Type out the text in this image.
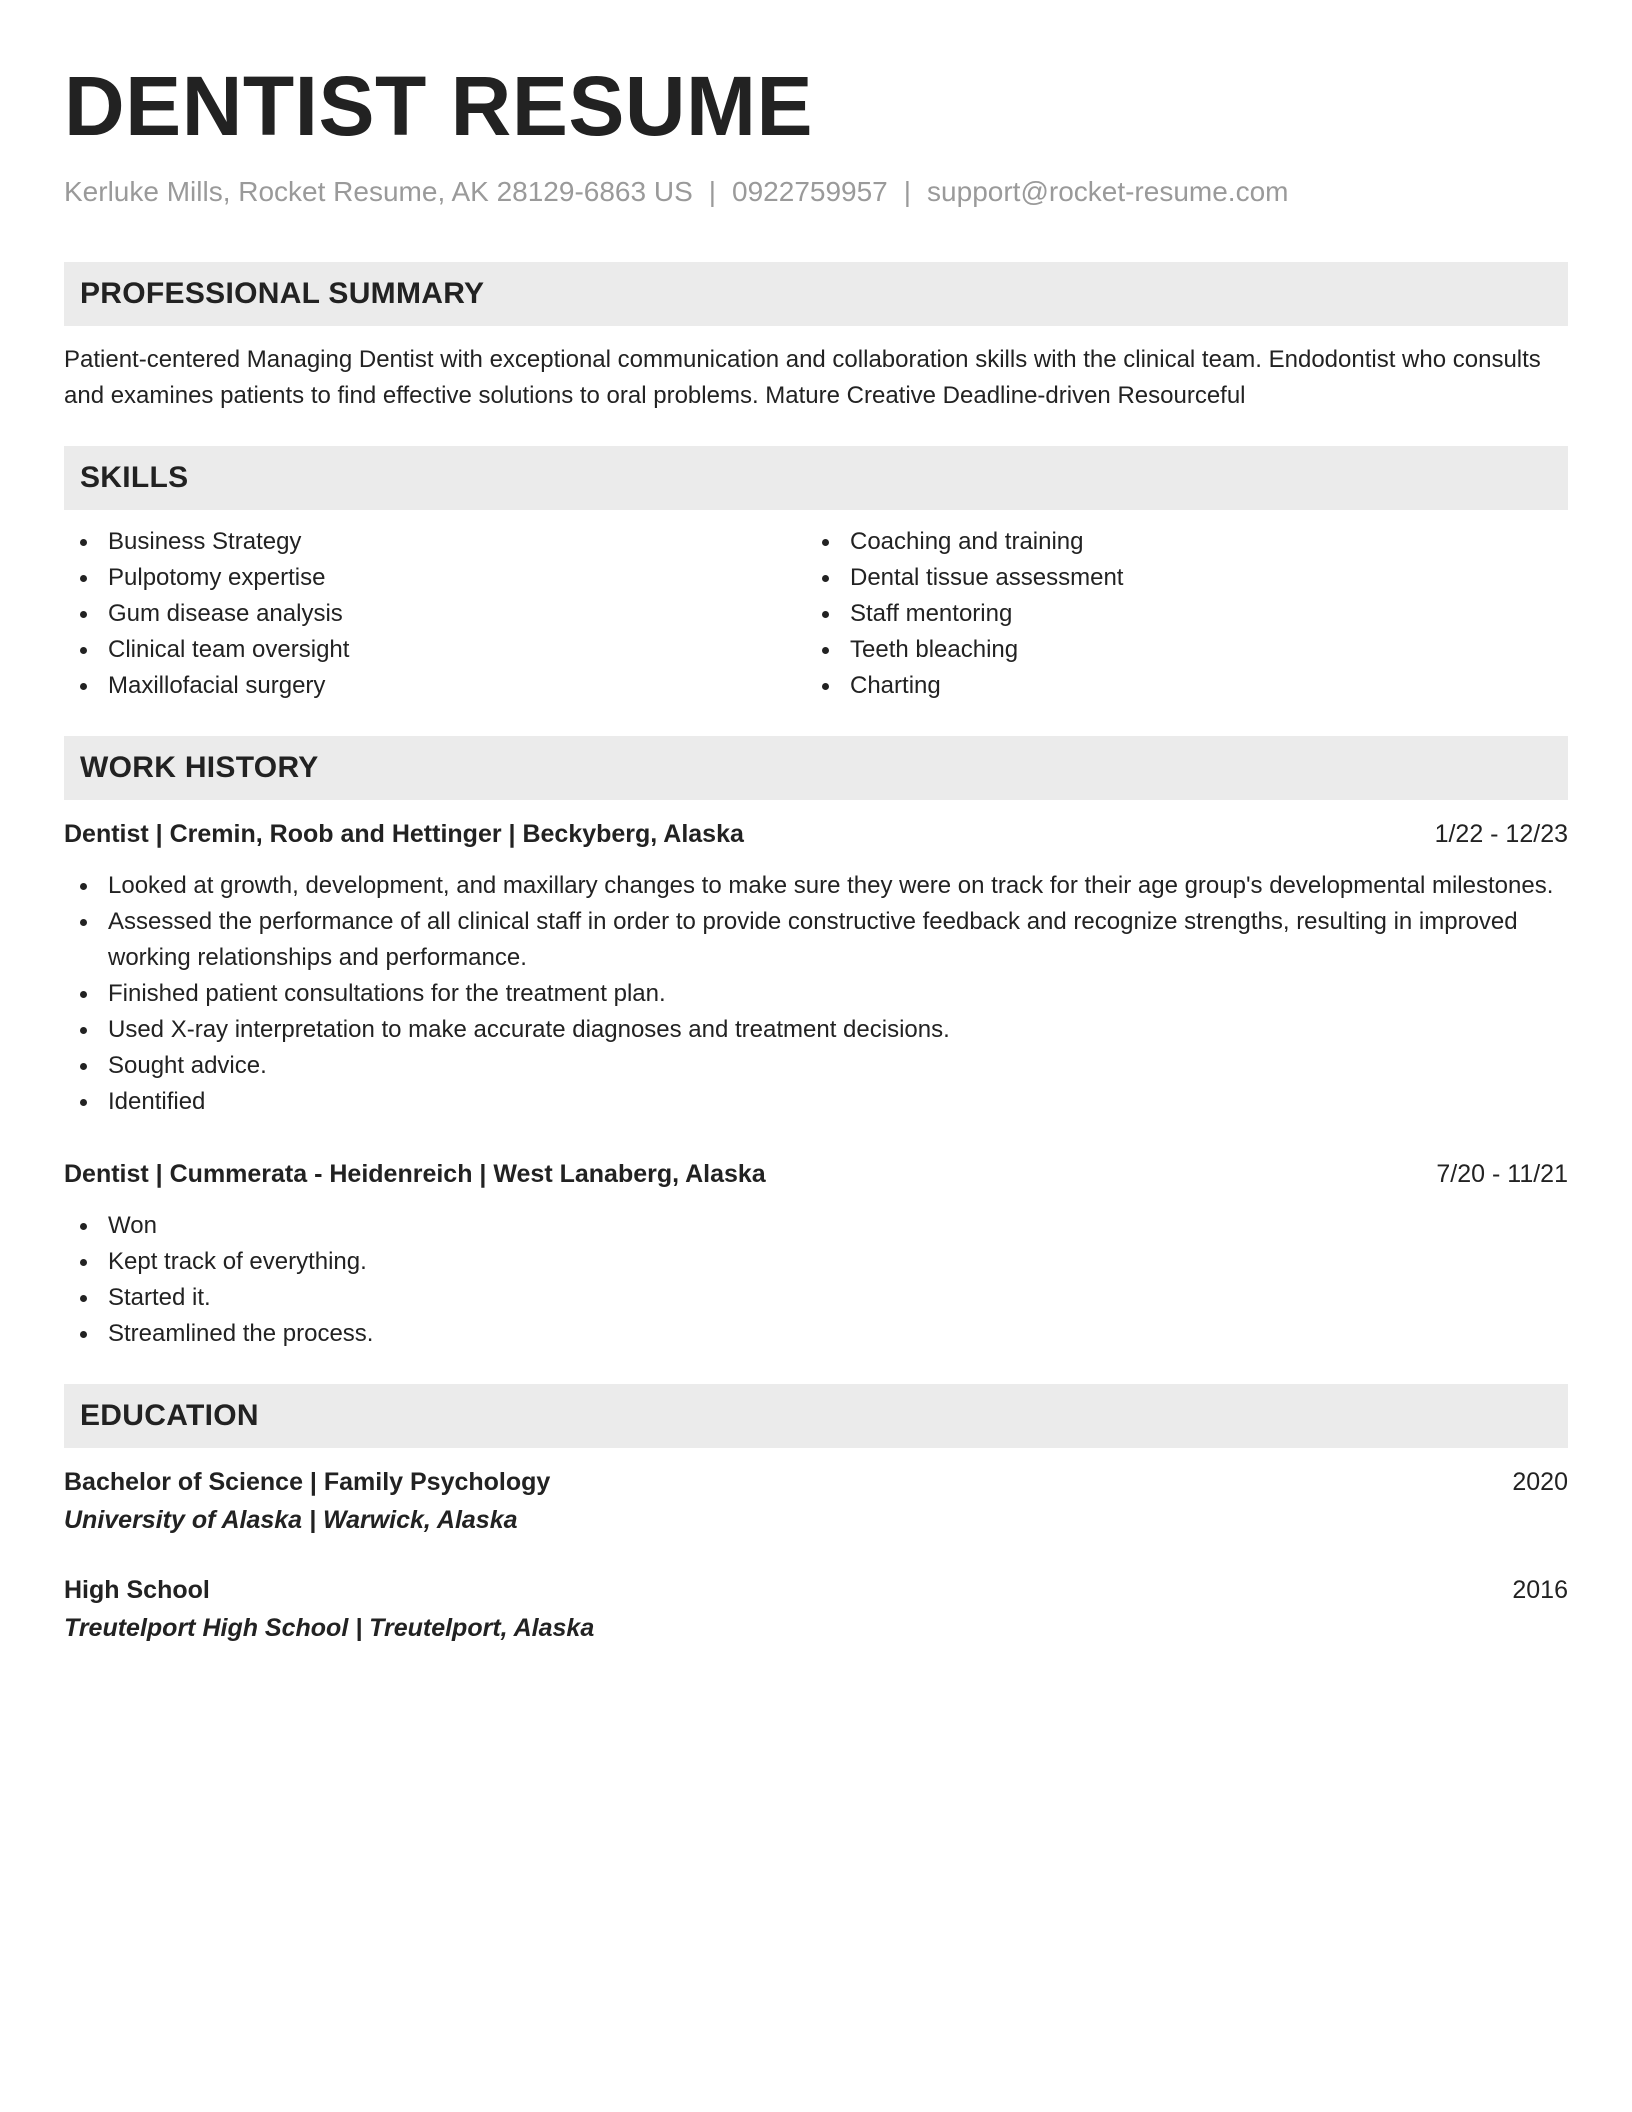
DENTIST RESUME
Kerluke Mills, Rocket Resume, AK 28129-6863 US | 0922759957 | support@rocket-resume.com
PROFESSIONAL SUMMARY

Patient-centered Managing Dentist with exceptional communication and collaboration skills with the clinical team. Endodontist who consults and examines patients to find effective solutions to oral problems. Mature Creative Deadline-driven Resourceful

SKILLS
Business Strategy
Pulpotomy expertise
Gum disease analysis
Clinical team oversight
Maxillofacial surgery
Coaching and training
Dental tissue assessment
Staff mentoring
Teeth bleaching
Charting
WORK HISTORY
Dentist | Cremin, Roob and Hettinger | Beckyberg, Alaska	1/22 - 12/23
Looked at growth, development, and maxillary changes to make sure they were on track for their age group's developmental milestones.
Assessed the performance of all clinical staff in order to provide constructive feedback and recognize strengths, resulting in improved working relationships and performance.
Finished patient consultations for the treatment plan.
Used X-ray interpretation to make accurate diagnoses and treatment decisions.
Sought advice.
Identified
Dentist | Cummerata - Heidenreich | West Lanaberg, Alaska	7/20 - 11/21
Won
Kept track of everything.
Started it.
Streamlined the process.
EDUCATION
Bachelor of Science | Family Psychology	2020
University of Alaska | Warwick, Alaska
High School	2016
Treutelport High School | Treutelport, Alaska
